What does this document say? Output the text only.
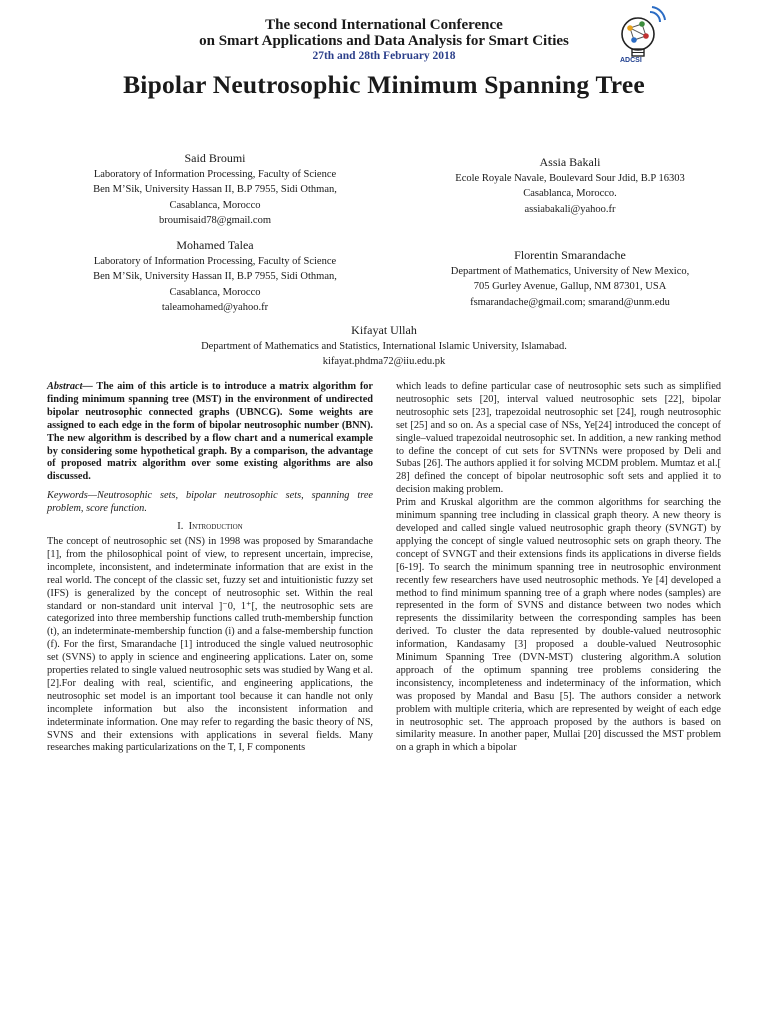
The second International Conference
on Smart Applications and Data Analysis for Smart Cities
27th and 28th February 2018	ADCSI
Bipolar Neutrosophic Minimum Spanning Tree
Said Broumi
Laboratory of Information Processing, Faculty of Science
Ben M’Sik, University Hassan II, B.P 7955, Sidi Othman,
Casablanca, Morocco
broumisaid78@gmail.com
Assia Bakali
Ecole Royale Navale, Boulevard Sour Jdid, B.P 16303
Casablanca, Morocco.
assiabakali@yahoo.fr
Mohamed Talea
Laboratory of Information Processing, Faculty of Science
Ben M’Sik, University Hassan II, B.P 7955, Sidi Othman,
Casablanca, Morocco
taleamohamed@yahoo.fr
Florentin Smarandache
Department of Mathematics, University of New Mexico,
705 Gurley Avenue, Gallup, NM 87301, USA
fsmarandache@gmail.com; smarand@unm.edu
Kifayat Ullah
Department of Mathematics and Statistics, International Islamic University, Islamabad.
kifayat.phdma72@iiu.edu.pk

Abstract— The aim of this article is to introduce a matrix algorithm for finding minimum spanning tree (MST) in the environment of undirected bipolar neutrosophic connected graphs (UBNCG). Some weights are assigned to each edge in the form of bipolar neutrosophic number (BNN). The new algorithm is described by a flow chart and a numerical example by considering some hypothetical graph. By a comparison, the advantage of proposed matrix algorithm over some existing algorithms are also discussed.

Keywords—Neutrosophic sets, bipolar neutrosophic sets, spanning tree problem, score function.

I. Introduction

The concept of neutrosophic set (NS) in 1998 was proposed by Smarandache [1], from the philosophical point of view, to represent uncertain, imprecise, incomplete, inconsistent, and indeterminate information that are exist in the real world. The concept of the classic set, fuzzy set and intuitionistic fuzzy set (IFS) is generalized by the concept of neutrosophic set. Within the real standard or non-standard unit interval ]⁻0, 1⁺[, the neutrosophic sets are categorized into three membership functions called truth-membership function (t), an indeterminate-membership function (i) and a false-membership function (f). For the first, Smarandache [1] introduced the single valued neutrosophic set (SVNS) to apply in science and engineering applications. Later on, some properties related to single valued neutrosophic sets was studied by Wang et al.[2].For dealing with real, scientific, and engineering applications, the neutrosophic set model is an important tool because it can handle not only incomplete information but also the inconsistent information and indeterminate information. One may refer to regarding the basic theory of NS, SVNS and their extensions with applications in several fields. Many researches making particularizations on the T, I, F components

which leads to define particular case of neutrosophic sets such as simplified neutrosophic sets [20], interval valued neutrosophic sets [22], bipolar neutrosophic sets [23], trapezoidal neutrosophic set [24], rough neutrosophic set [25] and so on. As a special case of NSs, Ye[24] introduced the concept of single–valued trapezoidal neutrosophic set. In addition, a new ranking method to define the concept of cut sets for SVTNNs were proposed by Deli and Subas [26]. The authors applied it for solving MCDM problem. Mumtaz et al.[ 28] defined the concept of bipolar neutrosophic soft sets and applied it to decision making problem.

Prim and Kruskal algorithm are the common algorithms for searching the minimum spanning tree including in classical graph theory. A new theory is developed and called single valued neutrosophic graph theory (SVNGT) by applying the concept of single valued neutrosophic sets on graph theory. The concept of SVNGT and their extensions finds its applications in diverse fields [6-19]. To search the minimum spanning tree in neutrosophic environment recently few researchers have used neutrosophic methods. Ye [4] developed a method to find minimum spanning tree of a graph where nodes (samples) are represented in the form of SVNS and distance between two nodes which represents the dissimilarity between the corresponding samples has been derived. To cluster the data represented by double-valued neutrosophic information, Kandasamy [3] proposed a double-valued Neutrosophic Minimum Spanning Tree (DVN-MST) clustering algorithm.A solution approach of the optimum spanning tree problems considering the inconsistency, incompleteness and indeterminacy of the information, which was proposed by Mandal and Basu [5]. The authors consider a network problem with multiple criteria, which are represented by weight of each edge in neutrosophic set. The approach proposed by the authors is based on similarity measure. In another paper, Mullai [20] discussed the MST problem on a graph in which a bipolar
